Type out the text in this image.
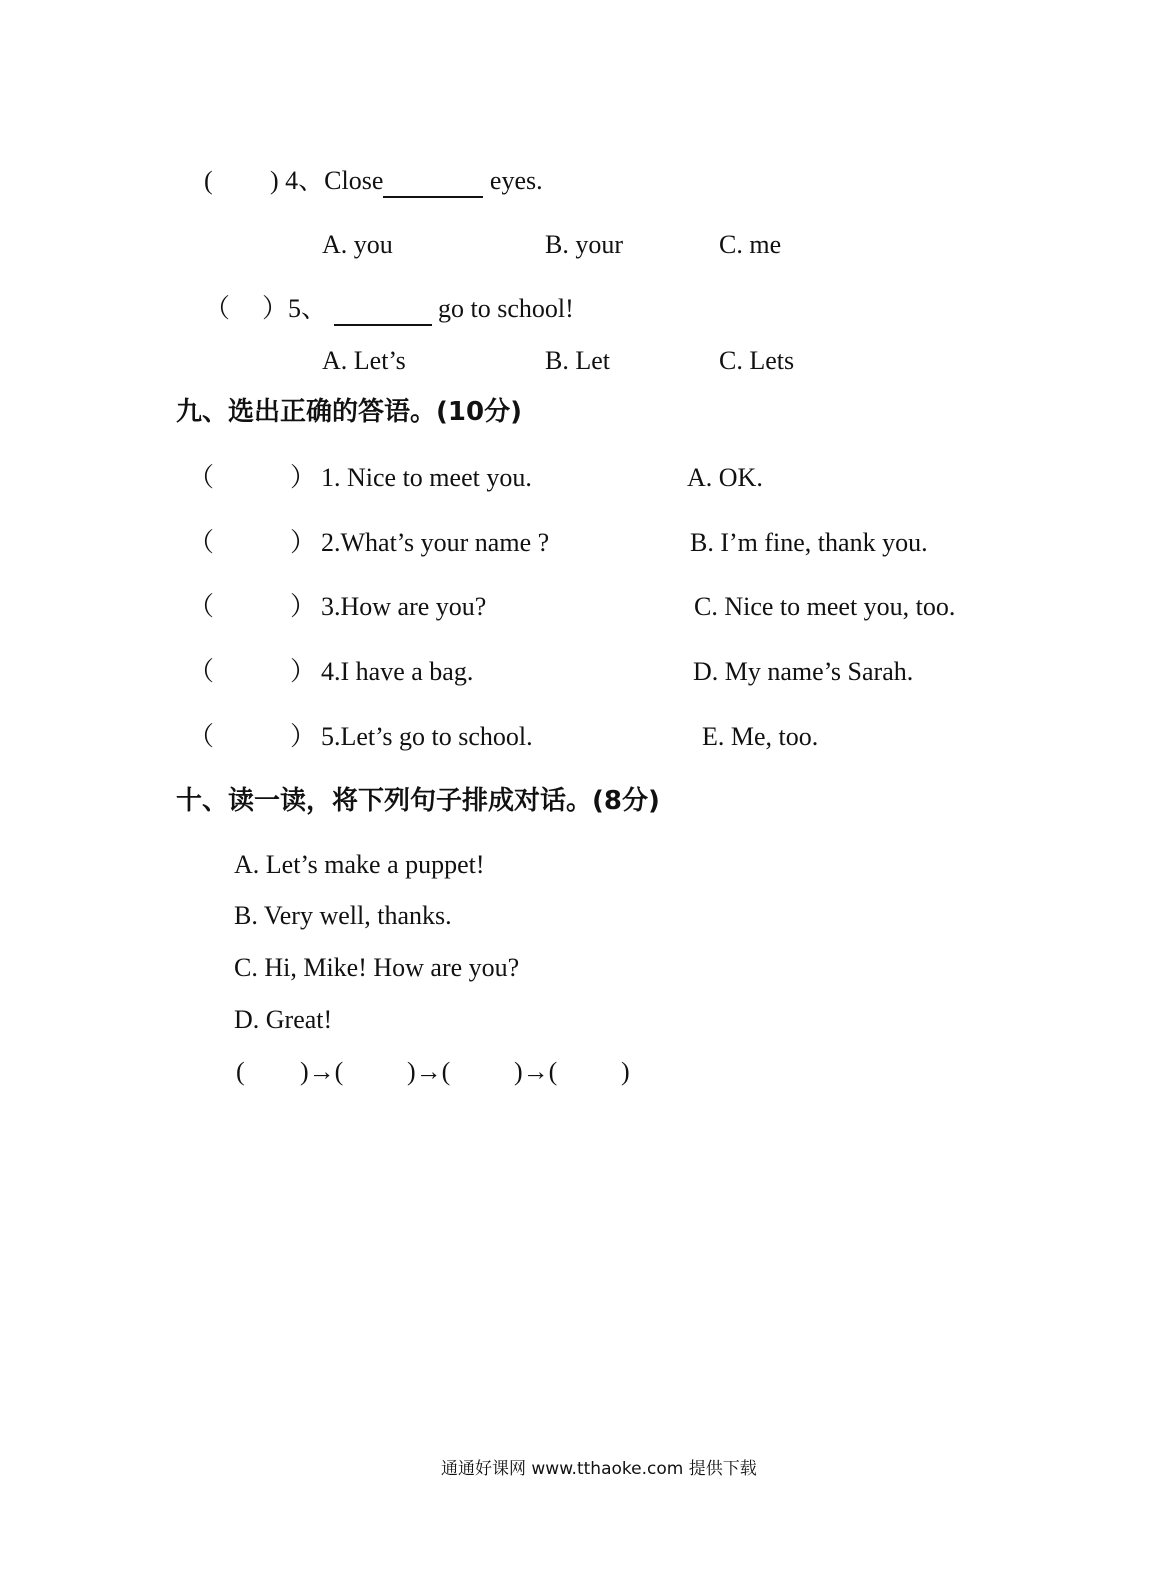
( ) 4、Close	eyes.
A. you	B. your	C. me
（ ）5、	go to school!
A. Let’s	B. Let	C. Lets
九、选出正确的答语。(10分)
（	） 1. Nice to meet you.	A. OK.
（	） 2.What’s your name ?	B. I’m fine, thank you.
（	） 3.How are you?	C. Nice to meet you, too.
（	） 4.I have a bag.	D. My name’s Sarah.
（	） 5.Let’s go to school.	E. Me, too.
十、读一读，将下列句子排成对话。(8分)
A. Let’s make a puppet!
B. Very well, thanks.
C. Hi, Mike! How are you?
D. Great!
( )→( )→( )→( )
通通好课网 www.tthaoke.com 提供下载
